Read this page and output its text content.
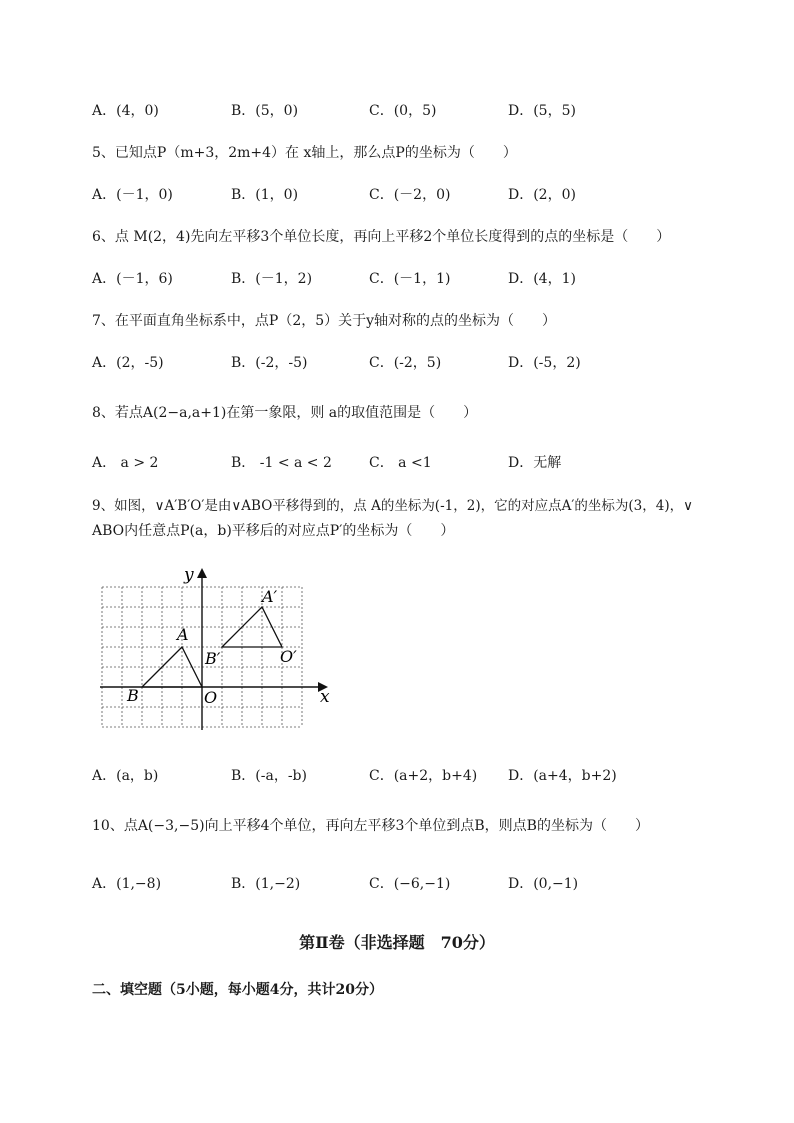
A．(4，0)	B．(5，0)	C．(0，5)	D．(5，5)
5、已知点P（m+3，2m+4）在 x轴上，那么点P的坐标为（　　）
A．(－1，0)	B．(1，0)	C．(－2，0)	D．(2，0)
6、点 M(2，4)先向左平移3个单位长度，再向上平移2个单位长度得到的点的坐标是（　　）
A．(－1，6)	B．(－1，2)	C．(－1，1)	D．(4，1)
7、在平面直角坐标系中，点P（2，5）关于y轴对称的点的坐标为（　　）
A．(2，-5)	B．(-2，-5)	C．(-2，5)	D．(-5，2)
8、若点A(2−a,a+1)在第一象限，则 a的取值范围是（　　）
A． a > 2	B． -1 < a < 2	C． a <1	D．无解
9、如图，∨A′B′O′是由∨ABO平移得到的，点 A的坐标为(-1，2)，它的对应点A′的坐标为(3，4)，∨
ABO内任意点P(a，b)平移后的对应点P′的坐标为（　　）
y
x
A
A′
B
B′
O
O′
A．(a，b)	B．(-a，-b)	C．(a+2，b+4) D．(a+4，b+2)
10、点A(−3,−5)向上平移4个单位，再向左平移3个单位到点B，则点B的坐标为（　　）
A．(1,−8)	B．(1,−2)	C．(−6,−1)	D．(0,−1)
第Ⅱ卷（非选择题　70分）
二、填空题（5小题，每小题4分，共计20分）
